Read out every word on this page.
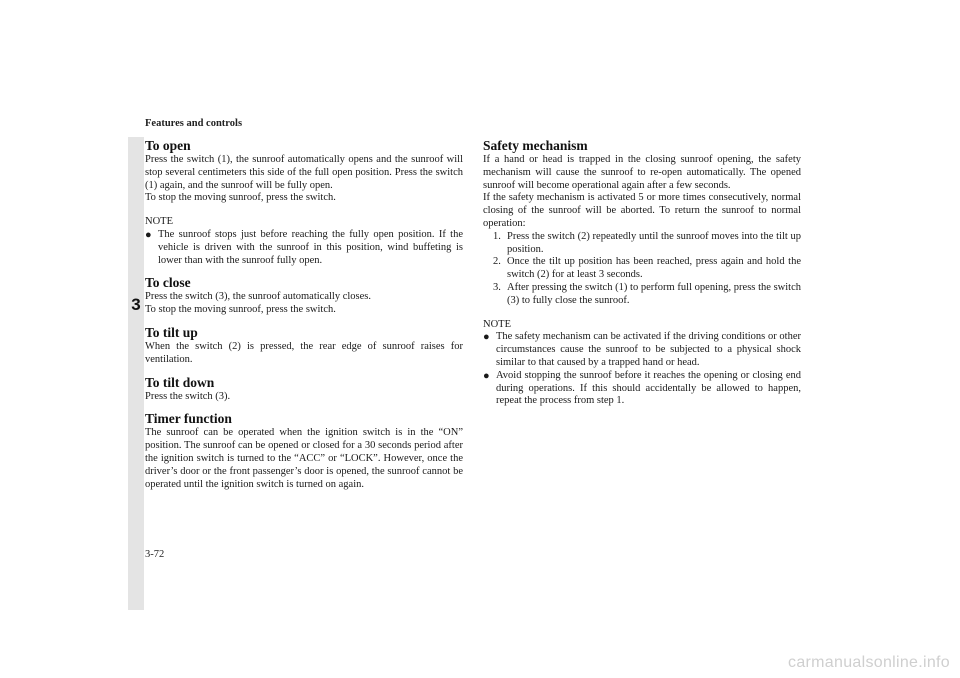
Features and controls
3
To open

Press the switch (1), the sunroof automatically opens and the sunroof will stop several centimeters this side of the full open position. Press the switch (1) again, and the sunroof will be fully open.

To stop the moving sunroof, press the switch.

NOTE

● The sunroof stops just before reaching the fully open position. If the vehicle is driven with the sunroof in this position, wind buffeting is lower than with the sunroof fully open.
To close

Press the switch (3), the sunroof automatically closes.

To stop the moving sunroof, press the switch.

To tilt up

When the switch (2) is pressed, the rear edge of sunroof raises for ventilation.

To tilt down

Press the switch (3).

Timer function

The sunroof can be operated when the ignition switch is in the “ON” position. The sunroof can be opened or closed for a 30 seconds period after the ignition switch is turned to the “ACC” or “LOCK”. However, once the driver’s door or the front passenger’s door is opened, the sunroof cannot be operated until the ignition switch is turned on again.

Safety mechanism

If a hand or head is trapped in the closing sunroof opening, the safety mechanism will cause the sunroof to re-open automatically. The opened sunroof will become operational again after a few seconds.

If the safety mechanism is activated 5 or more times consecutively, normal closing of the sunroof will be aborted. To return the sunroof to normal operation:

1. Press the switch (2) repeatedly until the sunroof moves into the tilt up position.
2. Once the tilt up position has been reached, press again and hold the switch (2) for at least 3 seconds.
3. After pressing the switch (1) to perform full opening, press the switch (3) to fully close the sunroof.

NOTE

● The safety mechanism can be activated if the driving conditions or other circumstances cause the sunroof to be subjected to a physical shock similar to that caused by a trapped hand or head.
● Avoid stopping the sunroof before it reaches the opening or closing end during operations. If this should accidentally be allowed to happen, repeat the process from step 1.
3-72
carmanualsonline.info
